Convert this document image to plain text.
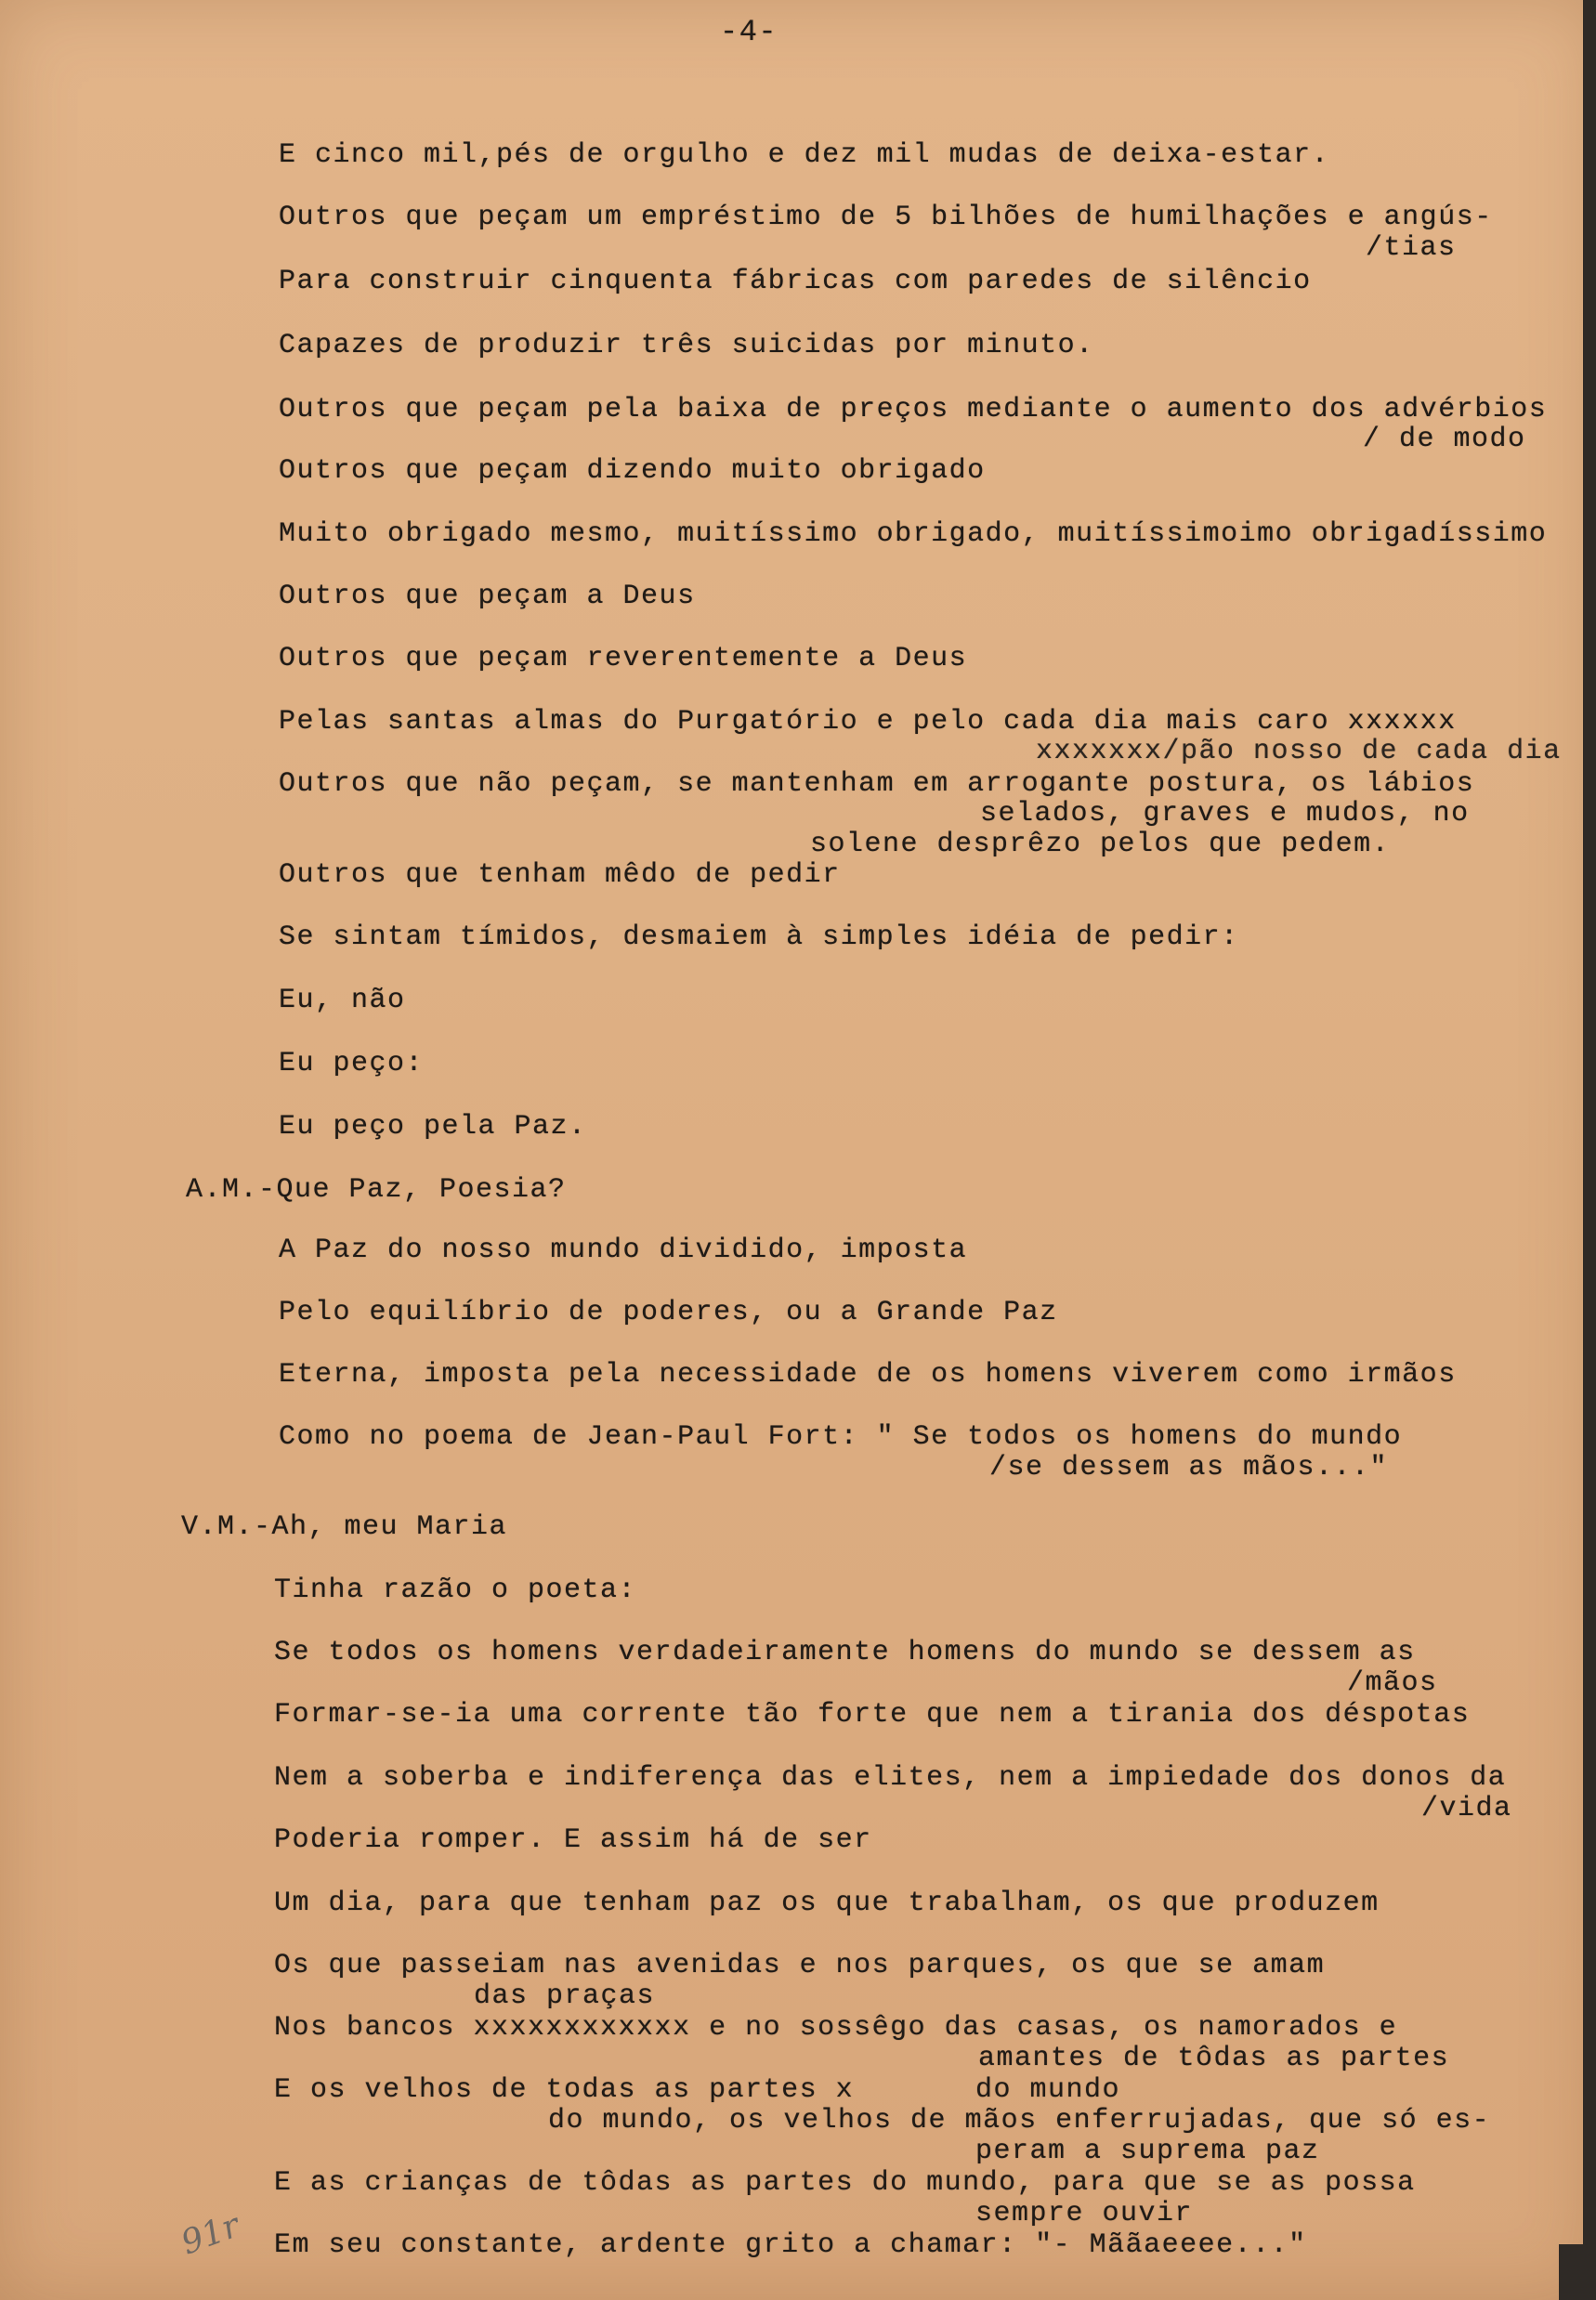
-4-
E cinco mil,pés de orgulho e dez mil mudas de deixa-estar.
Outros que peçam um empréstimo de 5 bilhões de humilhações e angús-
/tias
Para construir cinquenta fábricas com paredes de silêncio
Capazes de produzir três suicidas por minuto.
Outros que peçam pela baixa de preços mediante o aumento dos advérbios
/ de modo
Outros que peçam dizendo muito obrigado
Muito obrigado mesmo, muitíssimo obrigado, muitíssimoimo obrigadíssimo
Outros que peçam a Deus
Outros que peçam reverentemente a Deus
Pelas santas almas do Purgatório e pelo cada dia mais caro xxxxxx
xxxxxxx/pão nosso de cada dia
Outros que não peçam, se mantenham em arrogante postura, os lábios
selados, graves e mudos, no
solene desprêzo pelos que pedem.
Outros que tenham mêdo de pedir
Se sintam tímidos, desmaiem à simples idéia de pedir:
Eu, não
Eu peço:
Eu peço pela Paz.
A.M.-Que Paz, Poesia?
A Paz do nosso mundo dividido, imposta
Pelo equilíbrio de poderes, ou a Grande Paz
Eterna, imposta pela necessidade de os homens viverem como irmãos
Como no poema de Jean-Paul Fort: " Se todos os homens do mundo
/se dessem as mãos..."
V.M.-Ah, meu Maria
Tinha razão o poeta:
Se todos os homens verdadeiramente homens do mundo se dessem as
/mãos
Formar-se-ia uma corrente tão forte que nem a tirania dos déspotas
Nem a soberba e indiferença das elites, nem a impiedade dos donos da
/vida
Poderia romper. E assim há de ser
Um dia, para que tenham paz os que trabalham, os que produzem
Os que passeiam nas avenidas e nos parques, os que se amam
das praças
Nos bancos xxxxxxxxxxxx e no sossêgo das casas, os namorados e
amantes de tôdas as partes
E os velhos de todas as partes x	do mundo
do mundo, os velhos de mãos enferrujadas, que só es-
peram a suprema paz
E as crianças de tôdas as partes do mundo, para que se as possa
sempre ouvir
Em seu constante, ardente grito a chamar: "- Mããaeeee..."
91r
